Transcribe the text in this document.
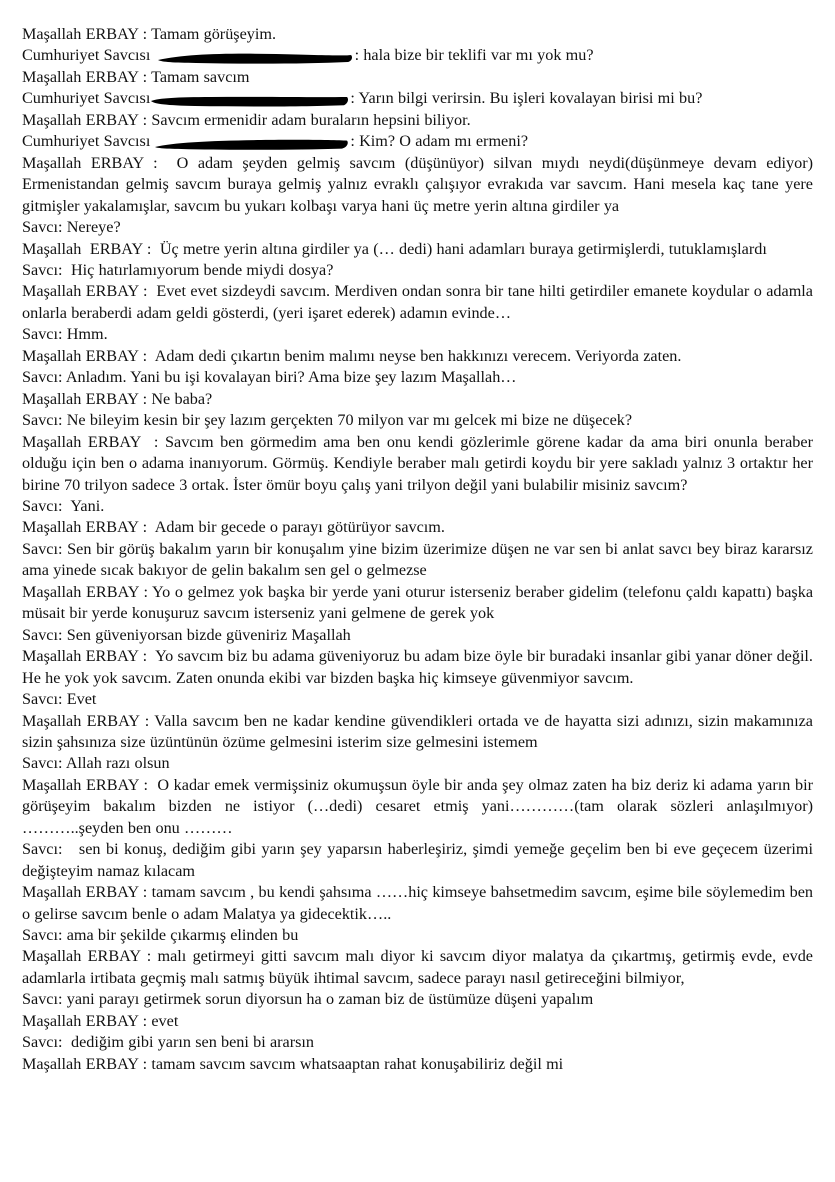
Maşallah ERBAY : Tamam görüşeyim.

Cumhuriyet Savcısı	: hala bize bir teklifi var mı yok mu?

Maşallah ERBAY : Tamam savcım

Cumhuriyet Savcısı	: Yarın bilgi verirsin. Bu işleri kovalayan birisi mi bu?

Maşallah ERBAY : Savcım ermenidir adam buraların hepsini biliyor.

Cumhuriyet Savcısı	: Kim? O adam mı ermeni?

Maşallah ERBAY :  O adam şeyden gelmiş savcım (düşünüyor) silvan mıydı neydi(düşünmeye devam ediyor) Ermenistandan gelmiş savcım buraya gelmiş yalnız evraklı çalışıyor evrakıda var savcım. Hani mesela kaç tane yere gitmişler yakalamışlar, savcım bu yukarı kolbaşı varya hani üç metre yerin altına girdiler ya

Savcı: Nereye?

Maşallah  ERBAY :  Üç metre yerin altına girdiler ya (… dedi) hani adamları buraya getirmişlerdi, tutuklamışlardı

Savcı:  Hiç hatırlamıyorum bende miydi dosya?

Maşallah ERBAY :  Evet evet sizdeydi savcım. Merdiven ondan sonra bir tane hilti getirdiler emanete koydular o adamla onlarla beraberdi adam geldi gösterdi, (yeri işaret ederek) adamın evinde…

Savcı: Hmm.

Maşallah ERBAY :  Adam dedi çıkartın benim malımı neyse ben hakkınızı verecem. Veriyorda zaten.

Savcı: Anladım. Yani bu işi kovalayan biri? Ama bize şey lazım Maşallah…

Maşallah ERBAY : Ne baba?

Savcı: Ne bileyim kesin bir şey lazım gerçekten 70 milyon var mı gelcek mi bize ne düşecek?

Maşallah ERBAY  : Savcım ben görmedim ama ben onu kendi gözlerimle görene kadar da ama biri onunla beraber olduğu için ben o adama inanıyorum. Görmüş. Kendiyle beraber malı getirdi koydu bir yere sakladı yalnız 3 ortaktır her birine 70 trilyon sadece 3 ortak. İster ömür boyu çalış yani trilyon değil yani bulabilir misiniz savcım?

Savcı:  Yani.

Maşallah ERBAY :  Adam bir gecede o parayı götürüyor savcım.

Savcı: Sen bir görüş bakalım yarın bir konuşalım yine bizim üzerimize düşen ne var sen bi anlat savcı bey biraz kararsız ama yinede sıcak bakıyor de gelin bakalım sen gel o gelmezse

Maşallah ERBAY : Yo o gelmez yok başka bir yerde yani oturur isterseniz beraber gidelim (telefonu çaldı kapattı) başka müsait bir yerde konuşuruz savcım isterseniz yani gelmene de gerek yok

Savcı: Sen güveniyorsan bizde güveniriz Maşallah

Maşallah ERBAY :  Yo savcım biz bu adama güveniyoruz bu adam bize öyle bir buradaki insanlar gibi yanar döner değil. He he yok yok savcım. Zaten onunda ekibi var bizden başka hiç kimseye güvenmiyor savcım.

Savcı: Evet

Maşallah ERBAY : Valla savcım ben ne kadar kendine güvendikleri ortada ve de hayatta sizi adınızı, sizin makamınıza sizin şahsınıza size üzüntünün özüme gelmesini isterim size gelmesini istemem

Savcı: Allah razı olsun

Maşallah ERBAY :  O kadar emek vermişsiniz okumuşsun öyle bir anda şey olmaz zaten ha biz deriz ki adama yarın bir görüşeyim bakalım bizden ne istiyor (…dedi) cesaret etmiş yani…………(tam olarak sözleri anlaşılmıyor) ………..şeyden ben onu ………

Savcı:   sen bi konuş, dediğim gibi yarın şey yaparsın haberleşiriz, şimdi yemeğe geçelim ben bi eve geçecem üzerimi değişteyim namaz kılacam

Maşallah ERBAY : tamam savcım , bu kendi şahsıma ……hiç kimseye bahsetmedim savcım, eşime bile söylemedim ben o gelirse savcım benle o adam Malatya ya gidecektik…..

Savcı: ama bir şekilde çıkarmış elinden bu

Maşallah ERBAY : malı getirmeyi gitti savcım malı diyor ki savcım diyor malatya da çıkartmış, getirmiş evde, evde adamlarla irtibata geçmiş malı satmış büyük ihtimal savcım, sadece parayı nasıl getireceğini bilmiyor,

Savcı: yani parayı getirmek sorun diyorsun ha o zaman biz de üstümüze düşeni yapalım

Maşallah ERBAY : evet

Savcı:  dediğim gibi yarın sen beni bi ararsın

Maşallah ERBAY : tamam savcım savcım whatsaaptan rahat konuşabiliriz değil mi
